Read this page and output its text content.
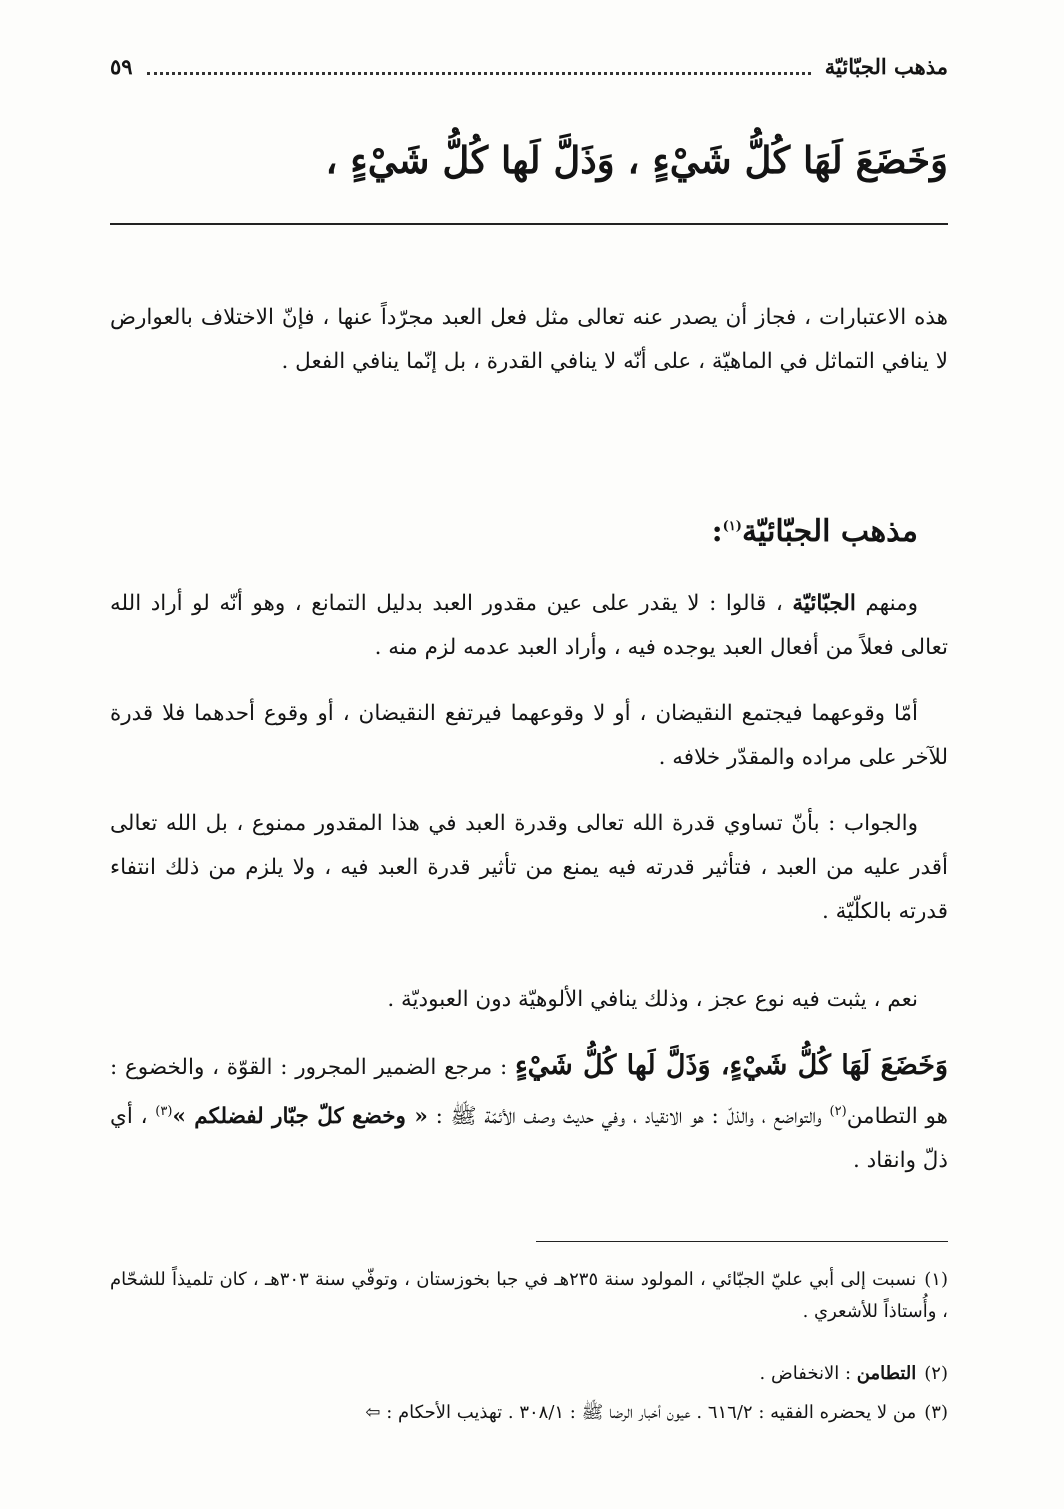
مذهب الجبّائيّة
٥٩
وَخَضَعَ لَهَا كُلُّ شَيْءٍ ، وَذَلَّ لَها كُلُّ شَيْءٍ ،

هذه الاعتبارات ، فجاز أن يصدر عنه تعالى مثل فعل العبد مجرّداً عنها ، فإنّ الاختلاف بالعوارض لا ينافي التماثل في الماهيّة ، على أنّه لا ينافي القدرة ، بل إنّما ينافي الفعل .

مذهب الجبّائيّة$^{(١)}$:

ومنهم الجبّائيّة ، قالوا : لا يقدر على عين مقدور العبد بدليل التمانع ، وهو أنّه لو أراد الله تعالى فعلاً من أفعال العبد يوجده فيه ، وأراد العبد عدمه لزم منه .

أمّا وقوعهما فيجتمع النقيضان ، أو لا وقوعهما فيرتفع النقيضان ، أو وقوع أحدهما فلا قدرة للآخر على مراده والمقدّر خلافه .

والجواب : بأنّ تساوي قدرة الله تعالى وقدرة العبد في هذا المقدور ممنوع ، بل الله تعالى أقدر عليه من العبد ، فتأثير قدرته فيه يمنع من تأثير قدرة العبد فيه ، ولا يلزم من ذلك انتفاء قدرته بالكلّيّة .

نعم ، يثبت فيه نوع عجز ، وذلك ينافي الألوهيّة دون العبوديّة .

وَخَضَعَ لَهَا كُلُّ شَيْءٍ، وَذَلَّ لَها كُلُّ شَيْءٍ : مرجع الضمير المجرور : القوّة ، والخضوع : هو التطامن$^{(٢)}$ والتواضع ، والذلّ : هو الانقياد ، وفي حديث وصف الأئمّة ﷺ : « وخضع كلّ جبّار لفضلكم »$^{(٣)}$ ، أي ذلّ وانقاد .

(١)نسبت إلى أبي عليّ الجبّائي ، المولود سنة ٢٣٥هـ في جبا بخوزستان ، وتوفّي سنة ٣٠٣هـ ، كان تلميذاً للشحّام ، وأُستاذاً للأشعري .
(٢)التطامن : الانخفاض .
(٣)من لا يحضره الفقيه : ٦١٦/٢ . عيون أخبار الرضا ﷺ : ٣٠٨/١ . تهذيب الأحكام : ⇦
